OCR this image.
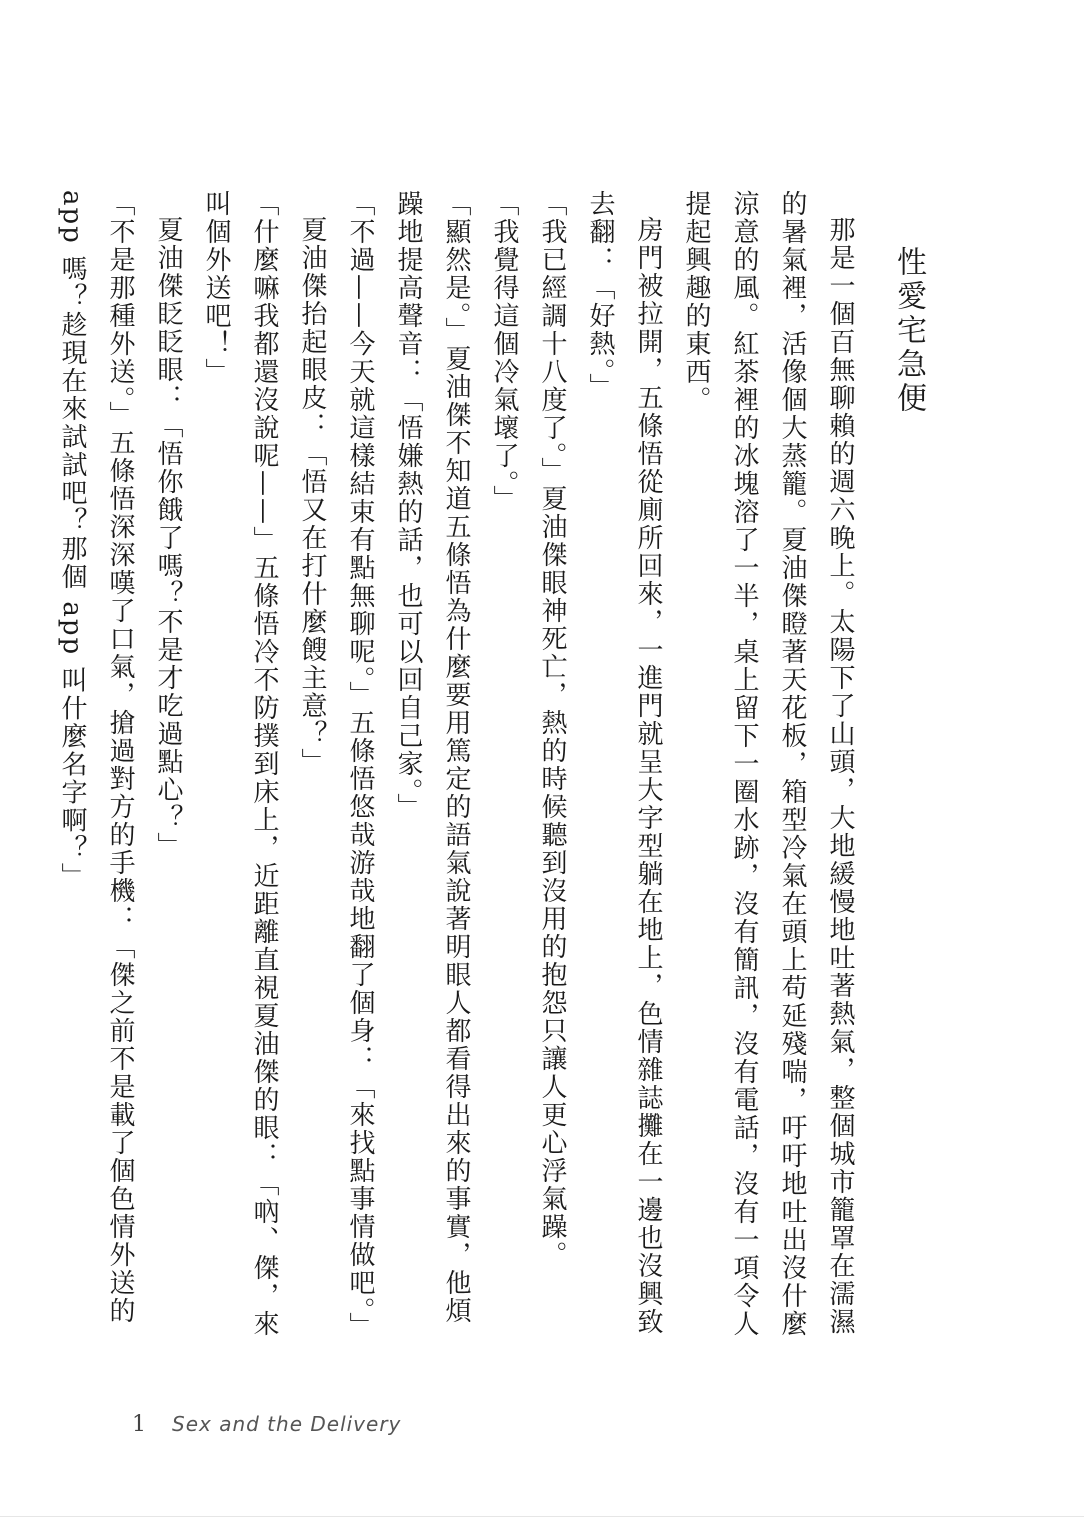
性愛宅急便

那是一個百無聊賴的週六晚上。太陽下了山頭，大地緩慢地吐著熱氣，整個城市籠罩在濡濕的暑氣裡，活像個大蒸籠。夏油傑瞪著天花板，箱型冷氣在頭上苟延殘喘，吁吁地吐出沒什麼涼意的風。紅茶裡的冰塊溶了一半，桌上留下一圈水跡，沒有簡訊，沒有電話，沒有一項令人提起興趣的東西。

房門被拉開，五條悟從廁所回來，一進門就呈大字型躺在地上，色情雜誌攤在一邊也沒興致去翻：「好熱。」

「我已經調十八度了。」夏油傑眼神死亡，熱的時候聽到沒用的抱怨只讓人更心浮氣躁。

「我覺得這個冷氣壞了。」

「顯然是。」夏油傑不知道五條悟為什麼要用篤定的語氣說著明眼人都看得出來的事實，他煩躁地提高聲音：「悟嫌熱的話，也可以回自己家。」

「不過——今天就這樣結束有點無聊呢。」五條悟悠哉游哉地翻了個身：「來找點事情做吧。」

夏油傑抬起眼皮：「悟又在打什麼餿主意？」

「什麼嘛我都還沒說呢——」五條悟冷不防撲到床上，近距離直視夏油傑的眼：「吶、傑，來叫個外送吧！」

夏油傑眨眨眼：「悟你餓了嗎？不是才吃過點心？」

「不是那種外送。」五條悟深深嘆了口氣，搶過對方的手機：「傑之前不是載了個色情外送的 app 嗎？趁現在來試試吧？那個 app 叫什麼名字啊？」

1 Sex and the Delivery
